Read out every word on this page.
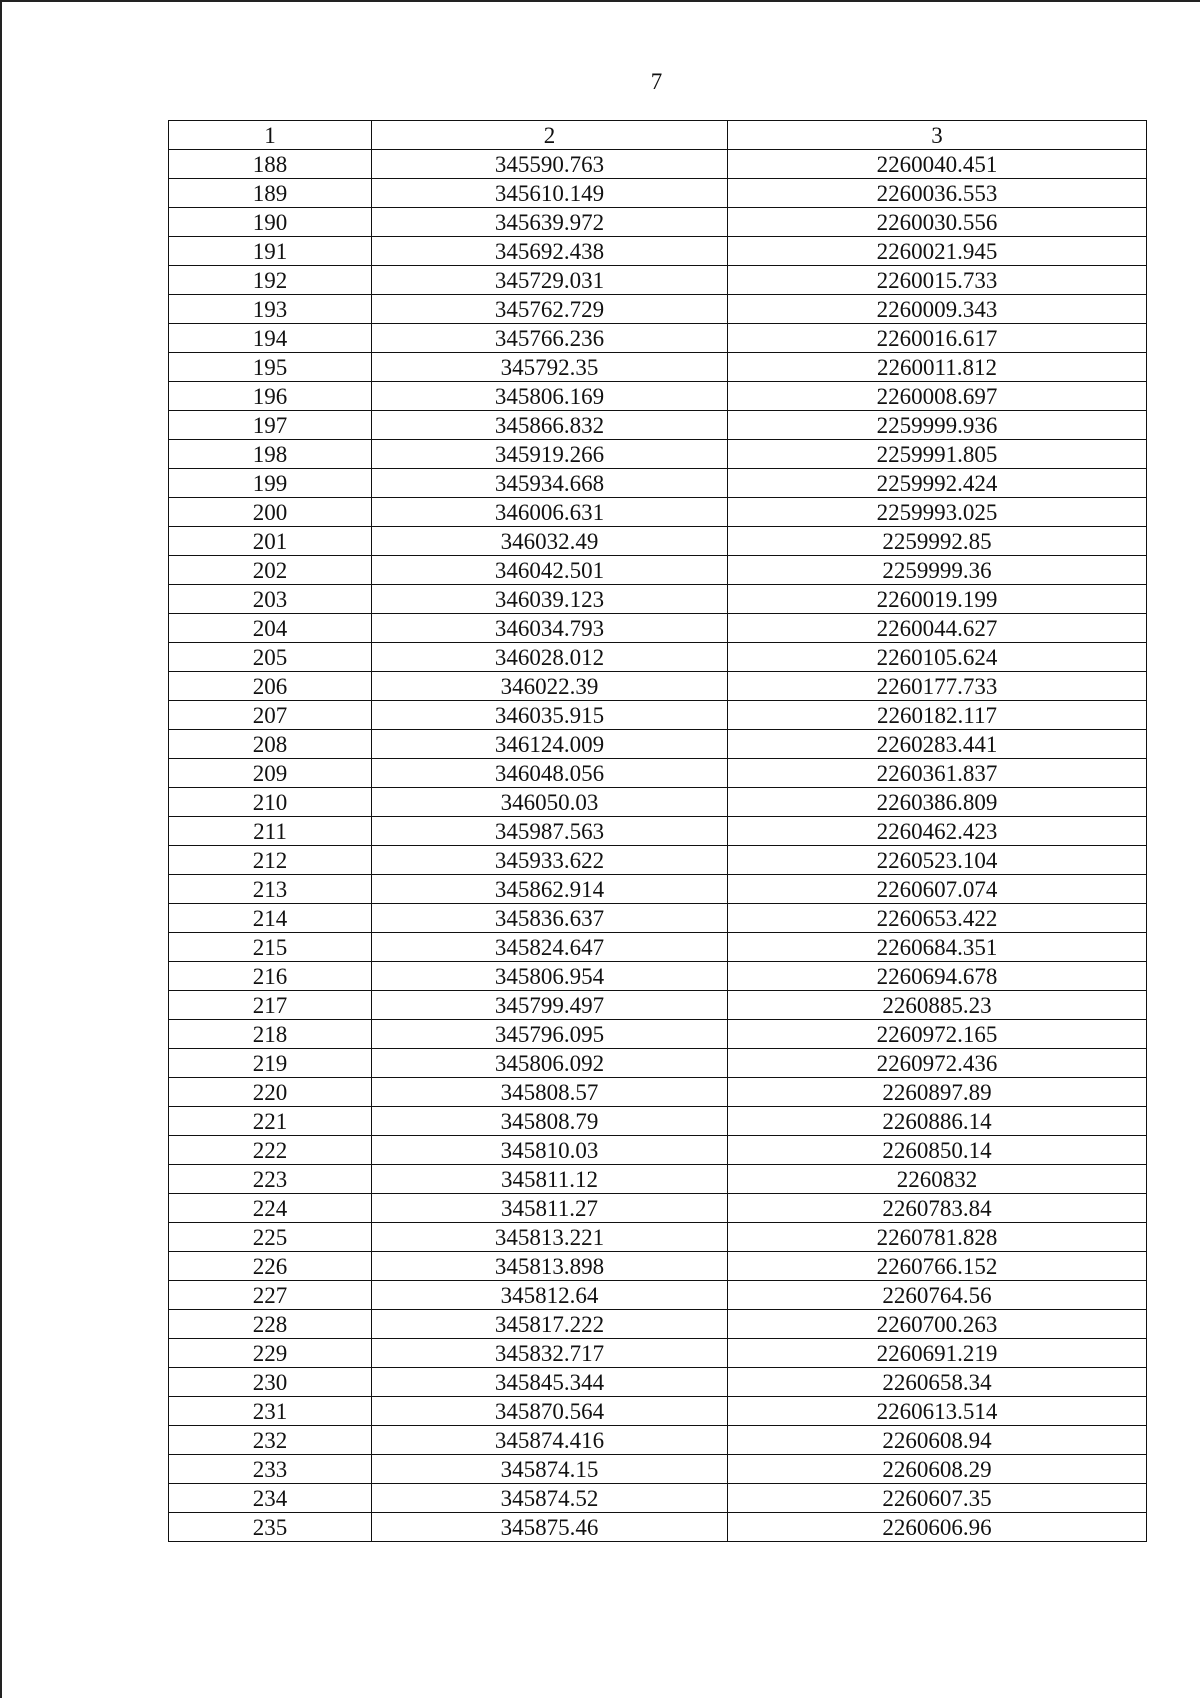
7
1	2	3
188	345590.763	2260040.451
189	345610.149	2260036.553
190	345639.972	2260030.556
191	345692.438	2260021.945
192	345729.031	2260015.733
193	345762.729	2260009.343
194	345766.236	2260016.617
195	345792.35	2260011.812
196	345806.169	2260008.697
197	345866.832	2259999.936
198	345919.266	2259991.805
199	345934.668	2259992.424
200	346006.631	2259993.025
201	346032.49	2259992.85
202	346042.501	2259999.36
203	346039.123	2260019.199
204	346034.793	2260044.627
205	346028.012	2260105.624
206	346022.39	2260177.733
207	346035.915	2260182.117
208	346124.009	2260283.441
209	346048.056	2260361.837
210	346050.03	2260386.809
211	345987.563	2260462.423
212	345933.622	2260523.104
213	345862.914	2260607.074
214	345836.637	2260653.422
215	345824.647	2260684.351
216	345806.954	2260694.678
217	345799.497	2260885.23
218	345796.095	2260972.165
219	345806.092	2260972.436
220	345808.57	2260897.89
221	345808.79	2260886.14
222	345810.03	2260850.14
223	345811.12	2260832
224	345811.27	2260783.84
225	345813.221	2260781.828
226	345813.898	2260766.152
227	345812.64	2260764.56
228	345817.222	2260700.263
229	345832.717	2260691.219
230	345845.344	2260658.34
231	345870.564	2260613.514
232	345874.416	2260608.94
233	345874.15	2260608.29
234	345874.52	2260607.35
235	345875.46	2260606.96
